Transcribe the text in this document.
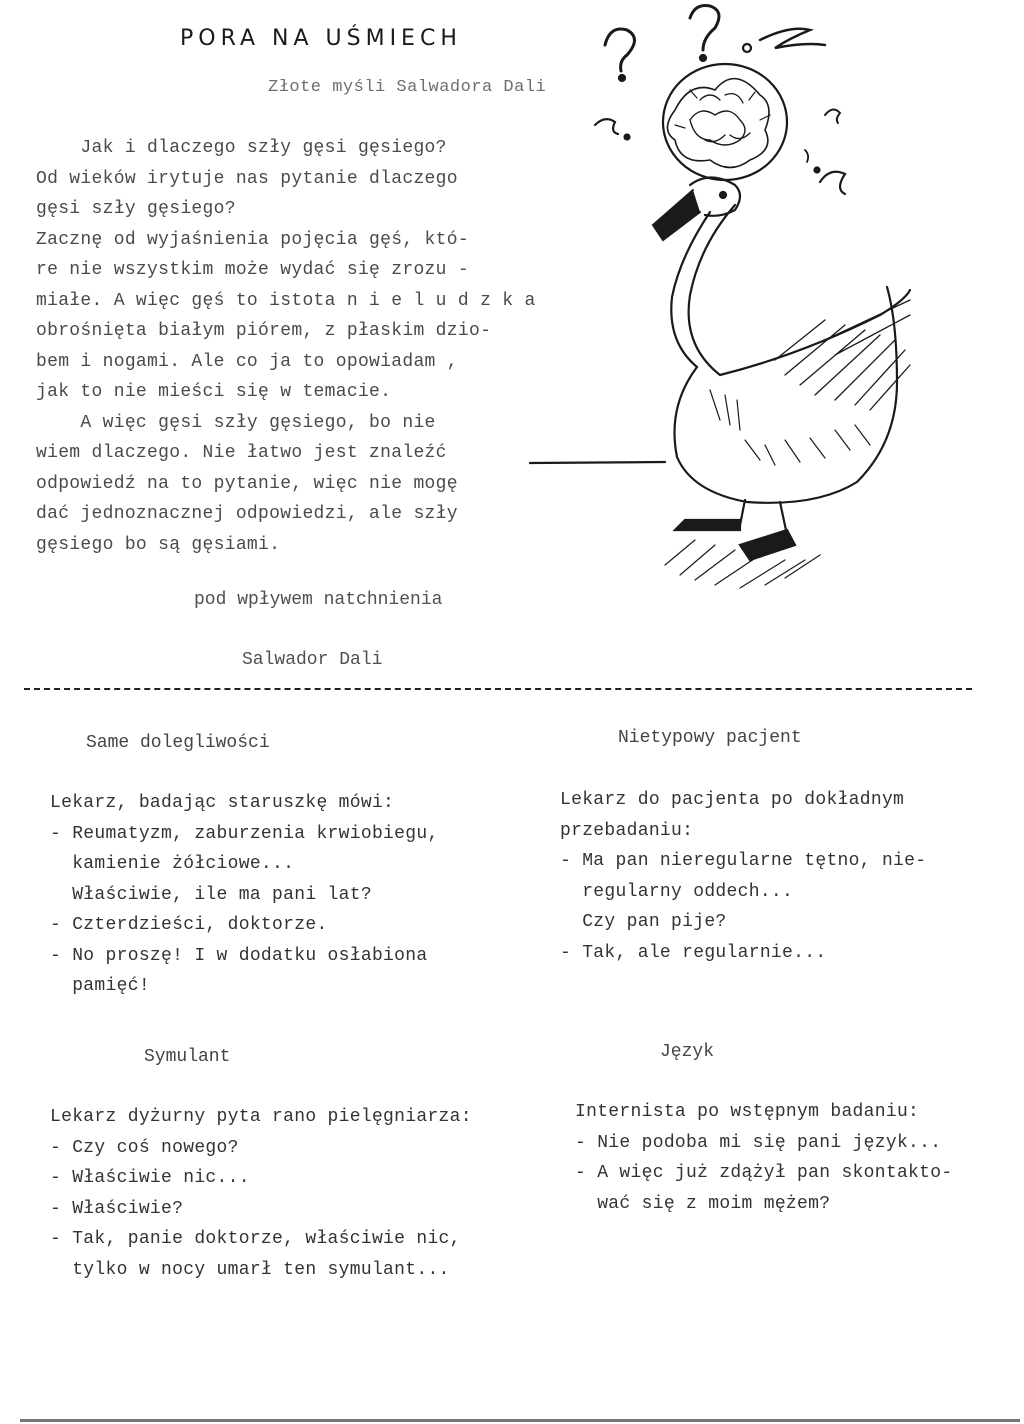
PORA NA UŚMIECH
Złote myśli Salwadora Dali
Jak i dlaczego szły gęsi gęsiego?
Od wieków irytuje nas pytanie dlaczego
gęsi szły gęsiego?
Zacznę od wyjaśnienia pojęcia gęś, któ-
re nie wszystkim może wydać się zrozu -
miałe. A więc gęś to istota n i e l u d z k a
obrośnięta białym piórem, z płaskim dzio-
bem i nogami. Ale co ja to opowiadam ,
jak to nie mieści się w temacie.
A więc gęsi szły gęsiego, bo nie
wiem dlaczego. Nie łatwo jest znaleźć
odpowiedź na to pytanie, więc nie mogę
dać jednoznacznej odpowiedzi, ale szły
gęsiego bo są gęsiami.
pod wpływem natchnienia
Salwador Dali
Same dolegliwości
Lekarz, badając staruszkę mówi:
- Reumatyzm, zaburzenia krwiobiegu,
kamienie żółciowe...
Właściwie, ile ma pani lat?
- Czterdzieści, doktorze.
- No proszę! I w dodatku osłabiona
pamięć!
Nietypowy pacjent
Lekarz do pacjenta po dokładnym
przebadaniu:
- Ma pan nieregularne tętno, nie-
regularny oddech...
Czy pan pije?
- Tak, ale regularnie...
Symulant
Lekarz dyżurny pyta rano pielęgniarza:
- Czy coś nowego?
- Właściwie nic...
- Właściwie?
- Tak, panie doktorze, właściwie nic,
tylko w nocy umarł ten symulant...
Język
Internista po wstępnym badaniu:
- Nie podoba mi się pani język...
- A więc już zdążył pan skontakto-
wać się z moim mężem?
